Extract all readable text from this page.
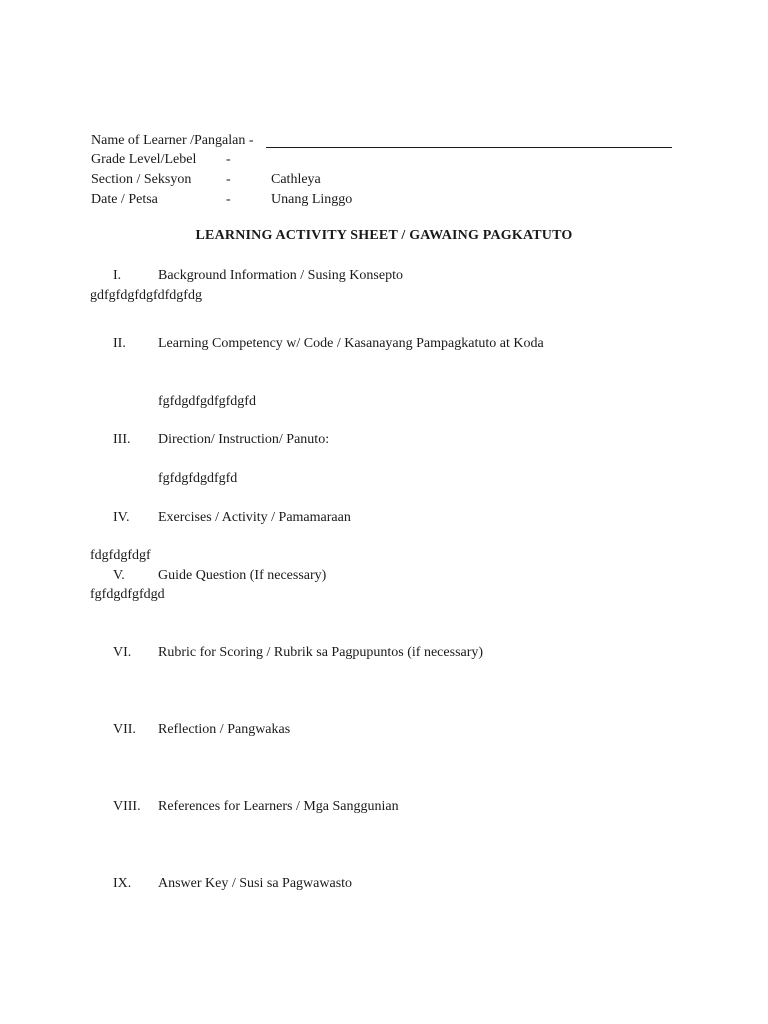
Name of Learner /Pangalan -
Grade Level/Lebel -
Section / Seksyon -	Cathleya
Date / Petsa	-	Unang Linggo
LEARNING ACTIVITY SHEET / GAWAING PAGKATUTO
I.	Background Information / Susing Konsepto
gdfgfdgfdgfdfdgfdg
II. Learning Competency w/ Code / Kasanayang Pampagkatuto at Koda
fgfdgdfgdfgfdgfd
III. Direction/ Instruction/ Panuto:
fgfdgfdgdfgfd
IV. Exercises / Activity / Pamamaraan
fdgfdgfdgf
V. Guide Question (If necessary)
fgfdgdfgfdgd
VI. Rubric for Scoring / Rubrik sa Pagpupuntos (if necessary)
VII. Reflection / Pangwakas
VIII. References for Learners / Mga Sanggunian
IX. Answer Key / Susi sa Pagwawasto
